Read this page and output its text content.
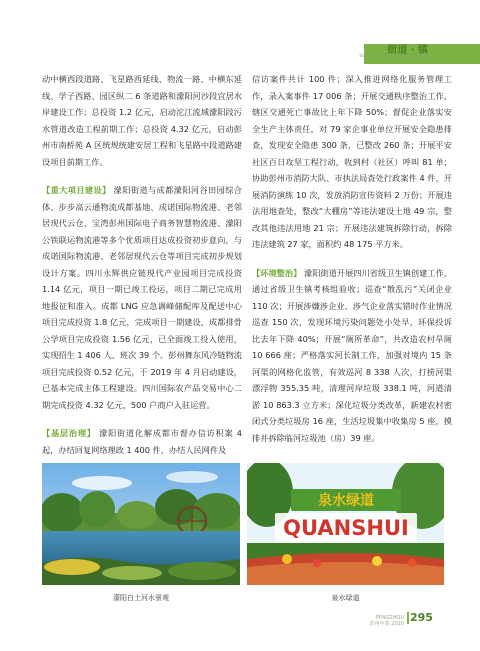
街道 · 镇
SUB-DISTRICTS AND TOWNS

动中横西段道路、飞星路西延线、物流一路、中横东延线、学子西路、园区纵二 6 条道路和濛阳河沙段宜居水岸建设工作；总投资 1.2 亿元，启动沱江流域濛阳段污水管道改造工程前期工作；总投资 4.32 亿元，启动彭州市南桥苑 A 区统规统建安居工程和飞星路中段道路建设项目前期工作。

【重大项目建设】 濛阳街道与成都濛阳河谷田园综合体、步步高云通物流成都基地、成诺国际物流港、老邻居现代云仓、宝湾彭州国际电子商务智慧物流港、濛阳公铁联运物流港等多个优质项目达成投资初步意向，与成诺国际物流港、老邻居现代云仓等项目完成初步规划设计方案。四川永辉供应链现代产业园项目完成投资 1.14 亿元，项目一期已竣工投运，项目二期已完成用地报征和准入。成都 LNG 应急调峰储配库及配送中心项目完成投资 1.8 亿元，完成项目一期建设，成都排骨公学项目完成投资 1.56 亿元，已全面竣工投入使用，实现招生 1 406 人、班次 39 个。彭州舞东风冷链物流项目完成投资 0.52 亿元，于 2019 年 4 月启动建设，已基本完成主体工程建设。四川国际农产品交易中心二期完成投资 4.32 亿元，500 户商户入驻运营。

【基层治理】 濛阳街道化解成都市督办信访积案 4 起，办结回复网络理政 1 400 件，办结人民网件及

信访案件共计 100 件；深入推进网络化服务管理工作，录入案事件 17 006 条；开展交通秩序整治工作，辖区交通死亡事故比上年下降 50%；督促企业落实安全生产主体责任，对 79 家企事业单位开展安全隐患排查，发现安全隐患 300 条，已整改 260 条；开展平安社区百日攻坚工程行动，收到村（社区）呼叫 81 单；协助彭州市消防大队、市执法局查处行政案件 4 件，开展消防演练 10 次，发放消防宣传资料 2 万份；开展违法用地查处，整改“大棚房”等违法建设土地 49 宗，整改其他违法用地 21 宗；开展违法建筑拆除行动，拆除违法建筑 27 家，面积约 48 175 平方米。

【环境整治】 濛阳街道开展四川省级卫生镇创建工作，通过省级卫生镇考核组验收；巡查“散乱污”关闭企业 110 次；开展涉嫌涉企业、涉气企业落实错时作业情况巡查 150 次，发现环境污染问题处小处早，环保投诉比去年下降 40%；开展“厕所革命”，共改造农村旱厕 10 666 座；严格落实河长制工作，加强对境内 15 条河渠的网格化监管，有效巡河 8 338 人次，打捞河渠漂浮物 355.35 吨，清理河岸垃圾 338.1 吨，河道清淤 10 863.3 立方米；深化垃圾分类改革，新建农村密闭式分类垃圾房 16 座，生活垃圾集中收集房 5 座，摸排并拆除临河垃圾池（房）39 座。

泉水绿道
QUANSHUI
濛阳白土河水景观	泉水绿道
PENGZHOU
彭州年鉴 2020 295
